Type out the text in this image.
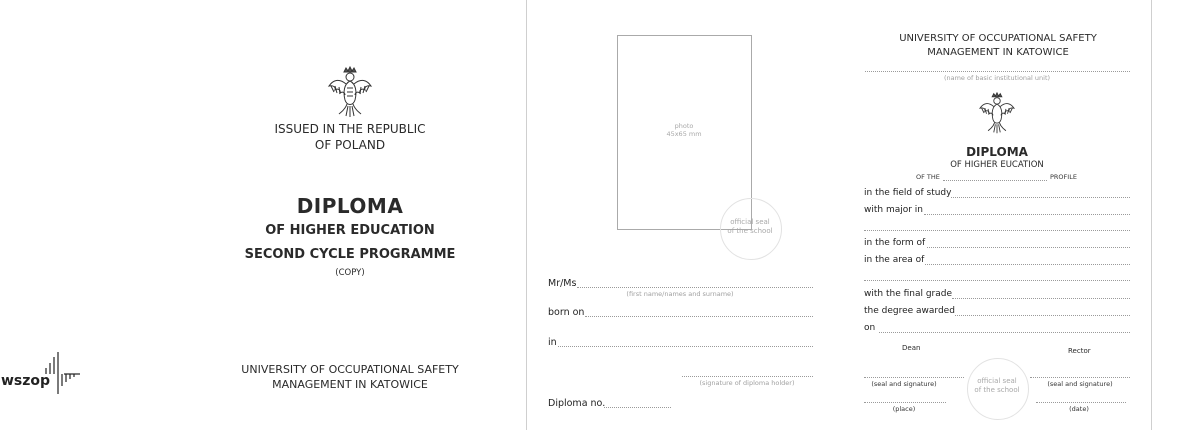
ISSUED IN THE REPUBLIC
OF POLAND
DIPLOMA
OF HIGHER EDUCATION
SECOND CYCLE PROGRAMME
(COPY)
UNIVERSITY OF OCCUPATIONAL SAFETY
MANAGEMENT IN KATOWICE
wszop
photo
45x65 mm
official seal
of the school
Mr/Ms
(first name/names and surname)
born on
in
(signature of diploma holder)
Diploma no.
UNIVERSITY OF OCCUPATIONAL SAFETY
MANAGEMENT IN KATOWICE
(name of basic institutional unit)
DIPLOMA
OF HIGHER EUCATION
OF THE	PROFILE
in the field of study
with major in
in the form of
in the area of
with the final grade
the degree awarded
on
Dean	Rector
(seal and signature)	(seal and signature)
official seal
of the school
(place)	(date)
